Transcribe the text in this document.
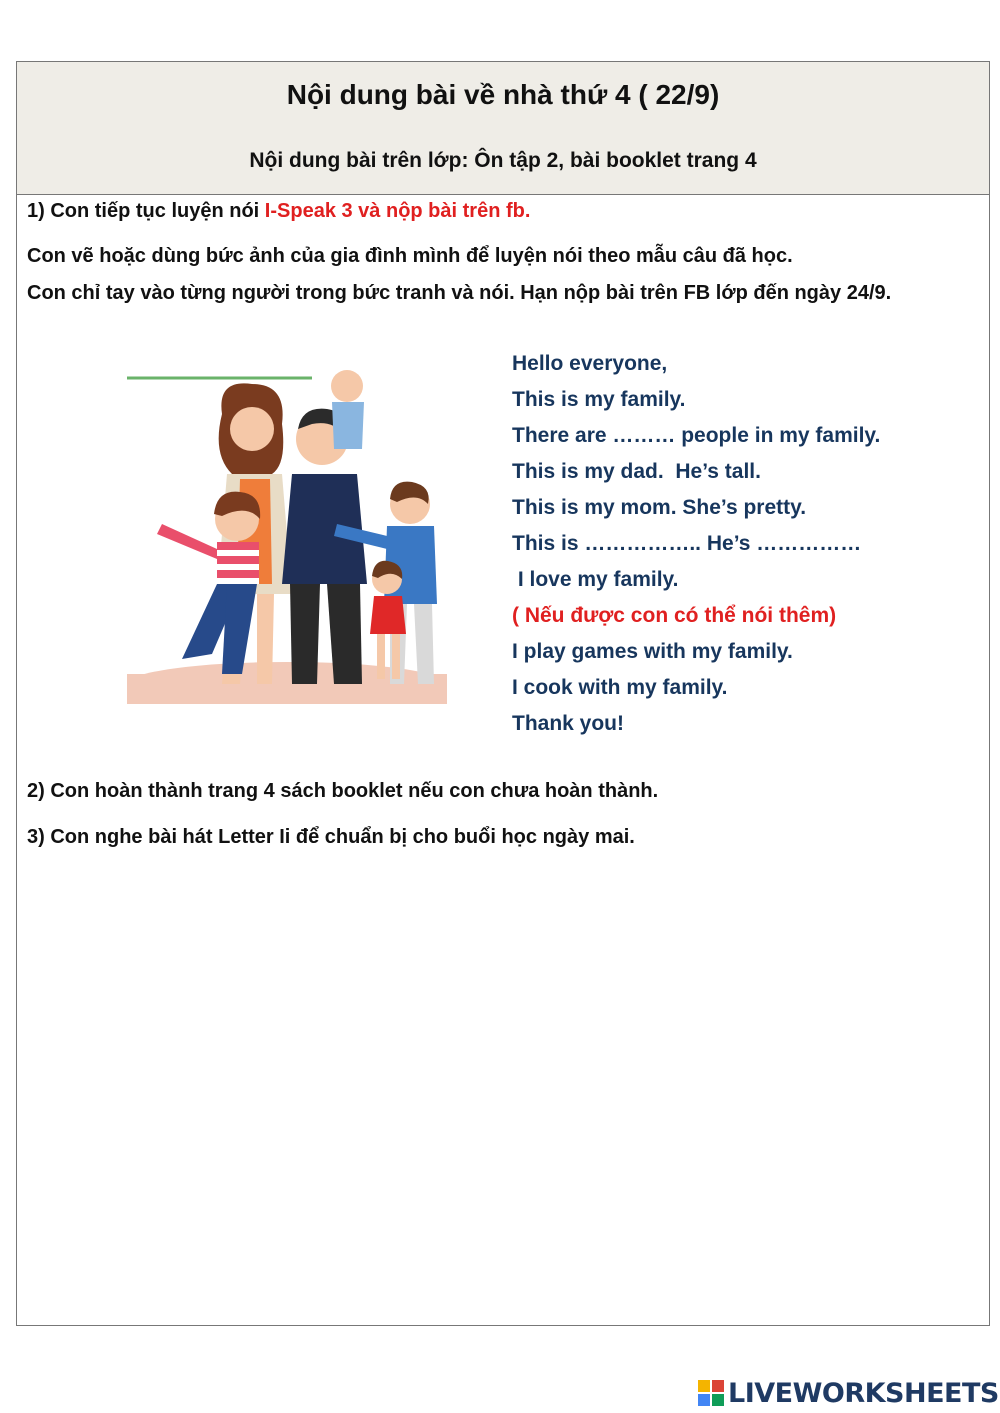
Nội dung bài về nhà thứ 4 ( 22/9)
Nội dung bài trên lớp: Ôn tập 2, bài booklet trang 4
1) Con tiếp tục luyện nói I-Speak 3 và nộp bài trên fb.
Con vẽ hoặc dùng bức ảnh của gia đình mình để luyện nói theo mẫu câu đã học.
Con chỉ tay vào từng người trong bức tranh và nói. Hạn nộp bài trên FB lớp đến ngày 24/9.
Hello everyone,
This is my family.
There are ……… people in my family.
This is my dad.  He’s tall.
This is my mom. She’s pretty.
This is …………….. He’s ……………
I love my family.
( Nếu được con có thể nói thêm)
I play games with my family.
I cook with my family.
Thank you!
2) Con hoàn thành trang 4 sách booklet nếu con chưa hoàn thành.
3) Con nghe bài hát Letter Ii để chuẩn bị cho buổi học ngày mai.
LIVEWORKSHEETS
